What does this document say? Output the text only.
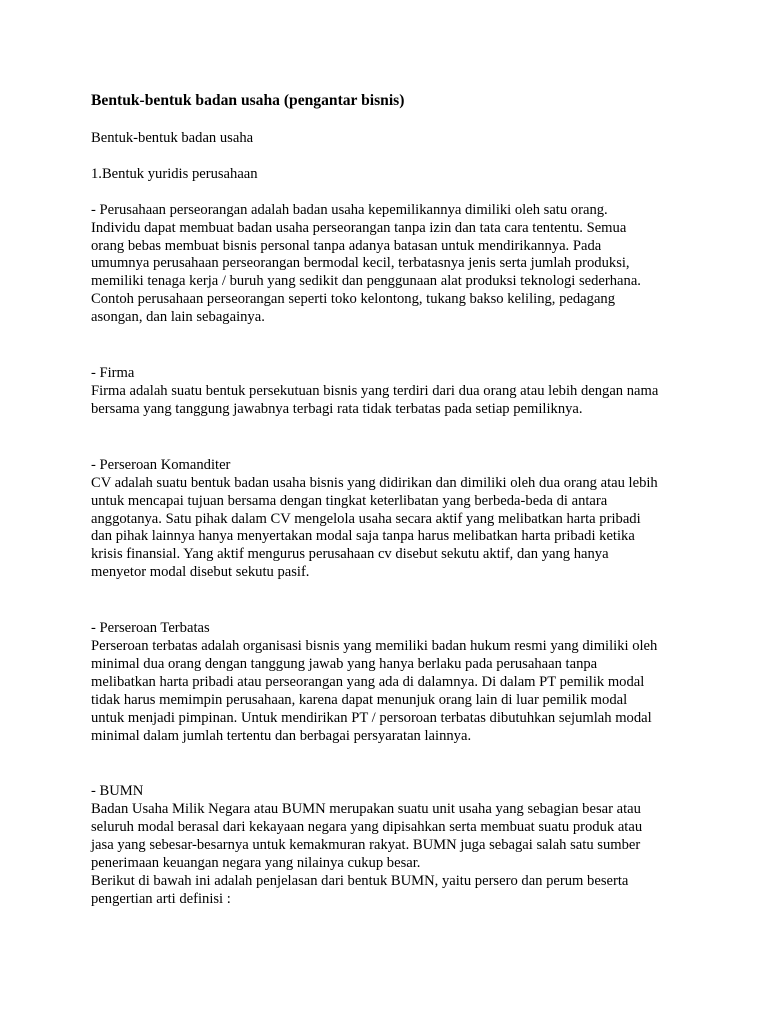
Bentuk-bentuk badan usaha (pengantar bisnis)

Bentuk-bentuk badan usaha

1.Bentuk yuridis perusahaan

- Perusahaan perseorangan adalah badan usaha kepemilikannya dimiliki oleh satu orang.
Individu dapat membuat badan usaha perseorangan tanpa izin dan tata cara tententu. Semua
orang bebas membuat bisnis personal tanpa adanya batasan untuk mendirikannya. Pada
umumnya perusahaan perseorangan bermodal kecil, terbatasnya jenis serta jumlah produksi,
memiliki tenaga kerja / buruh yang sedikit dan penggunaan alat produksi teknologi sederhana.
Contoh perusahaan perseorangan seperti toko kelontong, tukang bakso keliling, pedagang
asongan, dan lain sebagainya.

- Firma

Firma adalah suatu bentuk persekutuan bisnis yang terdiri dari dua orang atau lebih dengan nama
bersama yang tanggung jawabnya terbagi rata tidak terbatas pada setiap pemiliknya.

- Perseroan Komanditer

CV adalah suatu bentuk badan usaha bisnis yang didirikan dan dimiliki oleh dua orang atau lebih
untuk mencapai tujuan bersama dengan tingkat keterlibatan yang berbeda-beda di antara
anggotanya. Satu pihak dalam CV mengelola usaha secara aktif yang melibatkan harta pribadi
dan pihak lainnya hanya menyertakan modal saja tanpa harus melibatkan harta pribadi ketika
krisis finansial. Yang aktif mengurus perusahaan cv disebut sekutu aktif, dan yang hanya
menyetor modal disebut sekutu pasif.

- Perseroan Terbatas

Perseroan terbatas adalah organisasi bisnis yang memiliki badan hukum resmi yang dimiliki oleh
minimal dua orang dengan tanggung jawab yang hanya berlaku pada perusahaan tanpa
melibatkan harta pribadi atau perseorangan yang ada di dalamnya. Di dalam PT pemilik modal
tidak harus memimpin perusahaan, karena dapat menunjuk orang lain di luar pemilik modal
untuk menjadi pimpinan. Untuk mendirikan PT / persoroan terbatas dibutuhkan sejumlah modal
minimal dalam jumlah tertentu dan berbagai persyaratan lainnya.

- BUMN

Badan Usaha Milik Negara atau BUMN merupakan suatu unit usaha yang sebagian besar atau
seluruh modal berasal dari kekayaan negara yang dipisahkan serta membuat suatu produk atau
jasa yang sebesar-besarnya untuk kemakmuran rakyat. BUMN juga sebagai salah satu sumber
penerimaan keuangan negara yang nilainya cukup besar.
Berikut di bawah ini adalah penjelasan dari bentuk BUMN, yaitu persero dan perum beserta
pengertian arti definisi :
